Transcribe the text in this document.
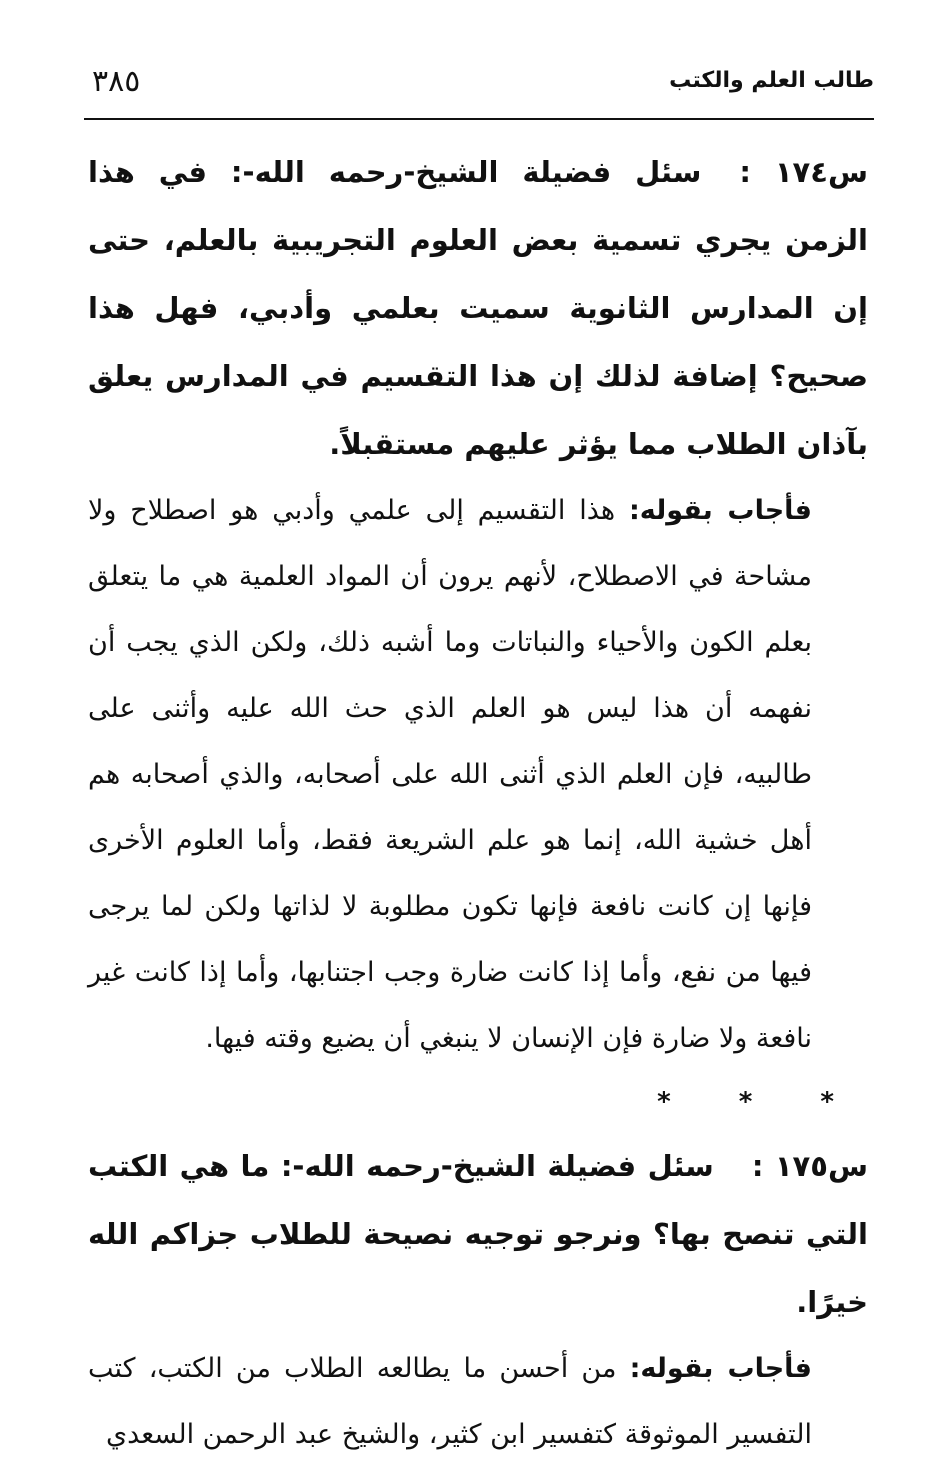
طالب العلم والكتب
٣٨٥

س١٧٤ :سئل فضيلة الشيخ-رحمه الله-: في هذا الزمن يجري تسمية بعض العلوم التجريبية بالعلم، حتى إن المدارس الثانوية سميت بعلمي وأدبي، فهل هذا صحيح؟ إضافة لذلك إن هذا التقسيم في المدارس يعلق بآذان الطلاب مما يؤثر عليهم مستقبلاً.

فأجاب بقوله: هذا التقسيم إلى علمي وأدبي هو اصطلاح ولا مشاحة في الاصطلاح، لأنهم يرون أن المواد العلمية هي ما يتعلق بعلم الكون والأحياء والنباتات وما أشبه ذلك، ولكن الذي يجب أن نفهمه أن هذا ليس هو العلم الذي حث الله عليه وأثنى على طالبيه، فإن العلم الذي أثنى الله على أصحابه، والذي أصحابه هم أهل خشية الله، إنما هو علم الشريعة فقط، وأما العلوم الأخرى فإنها إن كانت نافعة فإنها تكون مطلوبة لا لذاتها ولكن لما يرجى فيها من نفع، وأما إذا كانت ضارة وجب اجتنابها، وأما إذا كانت غير نافعة ولا ضارة فإن الإنسان لا ينبغي أن يضيع وقته فيها.

*	*	*

س١٧٥ :سئل فضيلة الشيخ-رحمه الله-: ما هي الكتب التي تنصح بها؟ ونرجو توجيه نصيحة للطلاب جزاكم الله خيرًا.

فأجاب بقوله: من أحسن ما يطالعه الطلاب من الكتب، كتب التفسير الموثوقة كتفسير ابن كثير، والشيخ عبد الرحمن السعدي
